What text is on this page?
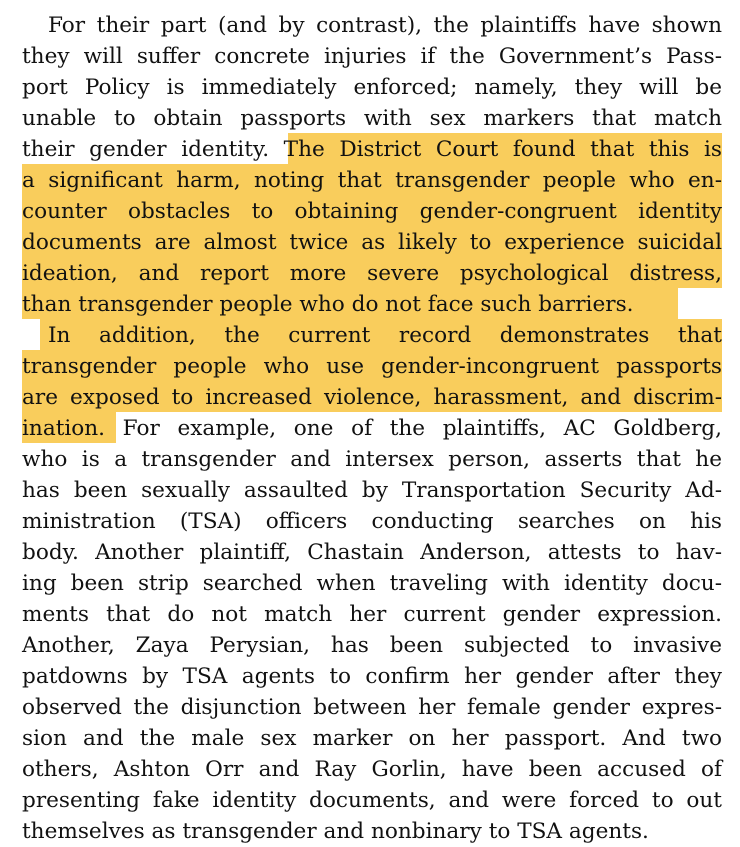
For their part (and by contrast), the plaintiffs have shown
they will suffer concrete injuries if the Government’s Pass-
port Policy is immediately enforced; namely, they will be
unable to obtain passports with sex markers that match
their gender identity. The District Court found that this is
a significant harm, noting that transgender people who en-
counter obstacles to obtaining gender-congruent identity
documents are almost twice as likely to experience suicidal
ideation, and report more severe psychological distress,
than transgender people who do not face such barriers.
In addition, the current record demonstrates that
transgender people who use gender-incongruent passports
are exposed to increased violence, harassment, and discrim-
ination. For example, one of the plaintiffs, AC Goldberg,
who is a transgender and intersex person, asserts that he
has been sexually assaulted by Transportation Security Ad-
ministration (TSA) officers conducting searches on his
body. Another plaintiff, Chastain Anderson, attests to hav-
ing been strip searched when traveling with identity docu-
ments that do not match her current gender expression.
Another, Zaya Perysian, has been subjected to invasive
patdowns by TSA agents to confirm her gender after they
observed the disjunction between her female gender expres-
sion and the male sex marker on her passport. And two
others, Ashton Orr and Ray Gorlin, have been accused of
presenting fake identity documents, and were forced to out
themselves as transgender and nonbinary to TSA agents.
